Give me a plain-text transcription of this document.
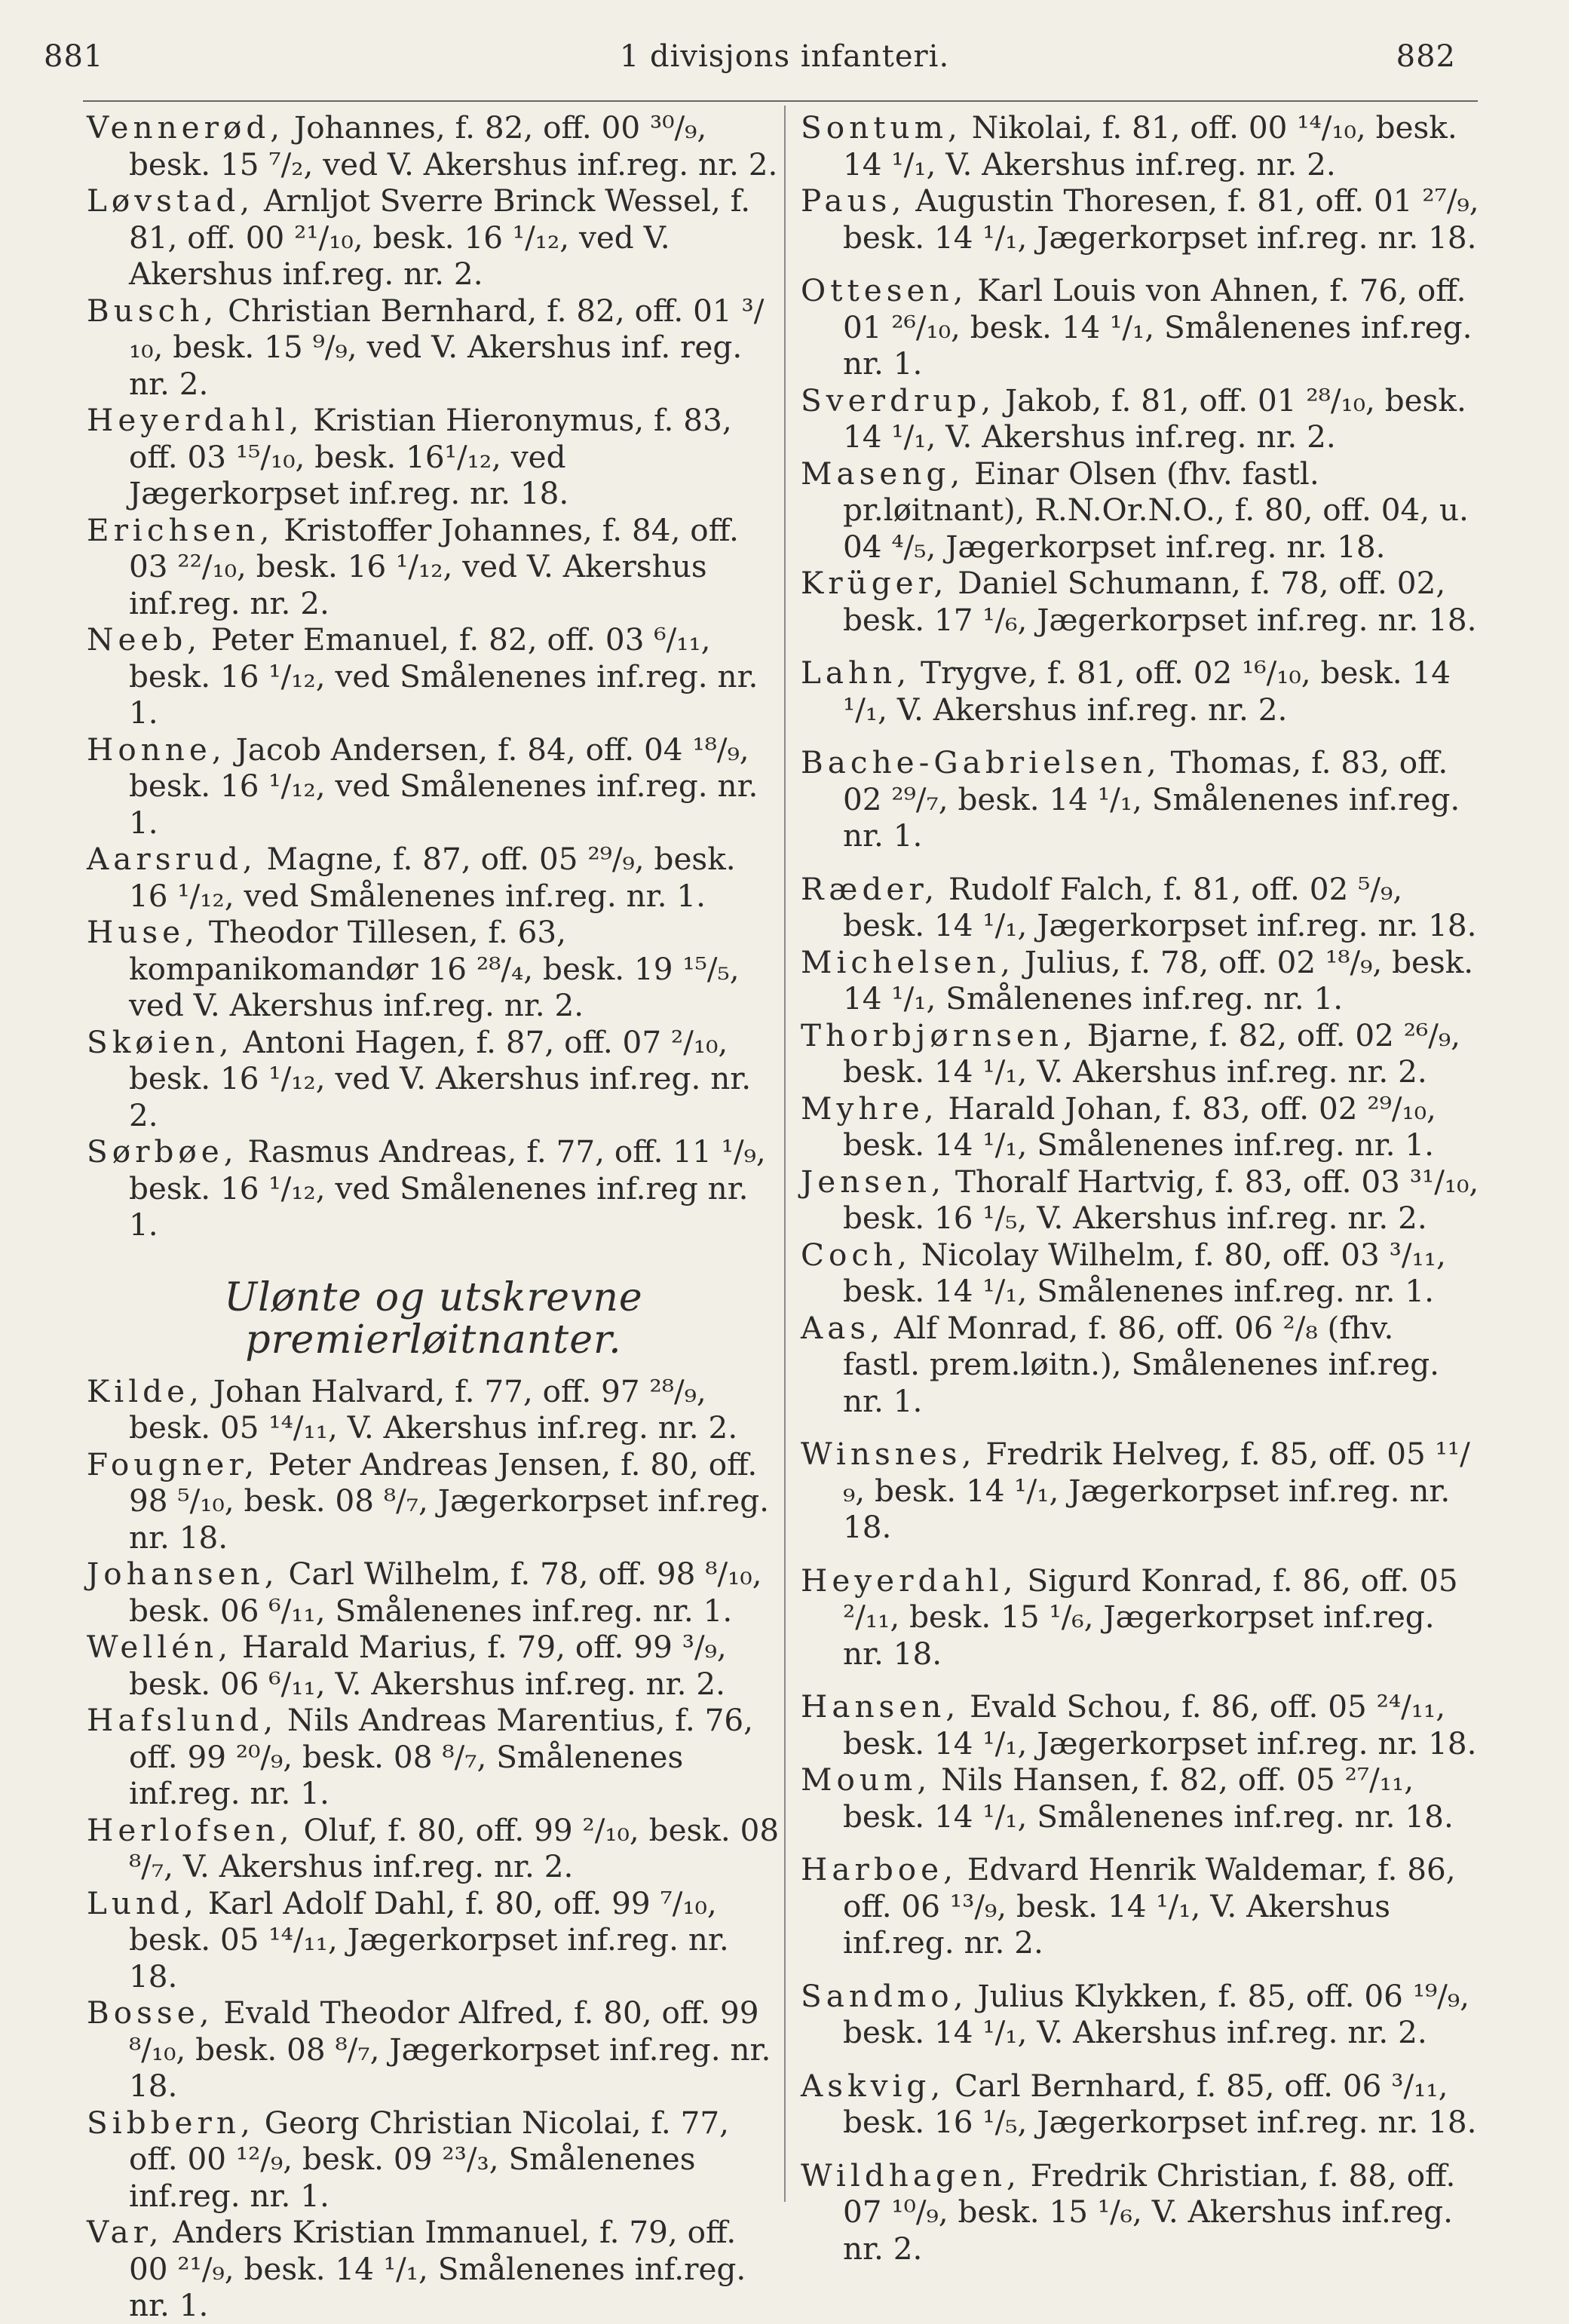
881	1 divisjons infanteri.	882

Vennerød, Johannes, f. 82, off. 00 ³⁰/₉, besk. 15 ⁷/₂, ved V. Akershus inf.reg. nr. 2.

Løvstad, Arnljot Sverre Brinck Wessel, f. 81, off. 00 ²¹/₁₀, besk. 16 ¹/₁₂, ved V. Akershus inf.reg. nr. 2.

Busch, Christian Bernhard, f. 82, off. 01 ³/₁₀, besk. 15 ⁹/₉, ved V. Akershus inf. reg. nr. 2.

Heyerdahl, Kristian Hieronymus, f. 83, off. 03 ¹⁵/₁₀, besk. 16¹/₁₂, ved Jægerkorpset inf.reg. nr. 18.

Erichsen, Kristoffer Johannes, f. 84, off. 03 ²²/₁₀, besk. 16 ¹/₁₂, ved V. Akershus inf.reg. nr. 2.

Neeb, Peter Emanuel, f. 82, off. 03 ⁶/₁₁, besk. 16 ¹/₁₂, ved Smålenenes inf.reg. nr. 1.

Honne, Jacob Andersen, f. 84, off. 04 ¹⁸/₉, besk. 16 ¹/₁₂, ved Smålenenes inf.reg. nr. 1.

Aarsrud, Magne, f. 87, off. 05 ²⁹/₉, besk. 16 ¹/₁₂, ved Smålenenes inf.reg. nr. 1.

Huse, Theodor Tillesen, f. 63, kompanikomandør 16 ²⁸/₄, besk. 19 ¹⁵/₅, ved V. Akershus inf.reg. nr. 2.

Skøien, Antoni Hagen, f. 87, off. 07 ²/₁₀, besk. 16 ¹/₁₂, ved V. Akershus inf.reg. nr. 2.

Sørbøe, Rasmus Andreas, f. 77, off. 11 ¹/₉, besk. 16 ¹/₁₂, ved Smålenenes inf.reg nr. 1.

Ulønte og utskrevne premierløitnanter.

Kilde, Johan Halvard, f. 77, off. 97 ²⁸/₉, besk. 05 ¹⁴/₁₁, V. Akershus inf.reg. nr. 2.

Fougner, Peter Andreas Jensen, f. 80, off. 98 ⁵/₁₀, besk. 08 ⁸/₇, Jægerkorpset inf.reg. nr. 18.

Johansen, Carl Wilhelm, f. 78, off. 98 ⁸/₁₀, besk. 06 ⁶/₁₁, Smålenenes inf.reg. nr. 1.

Wellén, Harald Marius, f. 79, off. 99 ³/₉, besk. 06 ⁶/₁₁, V. Akershus inf.reg. nr. 2.

Hafslund, Nils Andreas Marentius, f. 76, off. 99 ²⁰/₉, besk. 08 ⁸/₇, Smålenenes inf.reg. nr. 1.

Herlofsen, Oluf, f. 80, off. 99 ²/₁₀, besk. 08 ⁸/₇, V. Akershus inf.reg. nr. 2.

Lund, Karl Adolf Dahl, f. 80, off. 99 ⁷/₁₀, besk. 05 ¹⁴/₁₁, Jægerkorpset inf.reg. nr. 18.

Bosse, Evald Theodor Alfred, f. 80, off. 99 ⁸/₁₀, besk. 08 ⁸/₇, Jægerkorpset inf.reg. nr. 18.

Sibbern, Georg Christian Nicolai, f. 77, off. 00 ¹²/₉, besk. 09 ²³/₃, Smålenenes inf.reg. nr. 1.

Var, Anders Kristian Immanuel, f. 79, off. 00 ²¹/₉, besk. 14 ¹/₁, Smålenenes inf.reg. nr. 1.

Sontum, Nikolai, f. 81, off. 00 ¹⁴/₁₀, besk. 14 ¹/₁, V. Akershus inf.reg. nr. 2.

Paus, Augustin Thoresen, f. 81, off. 01 ²⁷/₉, besk. 14 ¹/₁, Jægerkorpset inf.reg. nr. 18.

Ottesen, Karl Louis von Ahnen, f. 76, off. 01 ²⁶/₁₀, besk. 14 ¹/₁, Smålenenes inf.reg. nr. 1.

Sverdrup, Jakob, f. 81, off. 01 ²⁸/₁₀, besk. 14 ¹/₁, V. Akershus inf.reg. nr. 2.

Maseng, Einar Olsen (fhv. fastl. pr.løitnant), R.N.Or.N.O., f. 80, off. 04, u. 04 ⁴/₅, Jægerkorpset inf.reg. nr. 18.

Krüger, Daniel Schumann, f. 78, off. 02, besk. 17 ¹/₆, Jægerkorpset inf.reg. nr. 18.

Lahn, Trygve, f. 81, off. 02 ¹⁶/₁₀, besk. 14 ¹/₁, V. Akershus inf.reg. nr. 2.

Bache-Gabrielsen, Thomas, f. 83, off. 02 ²⁹/₇, besk. 14 ¹/₁, Smålenenes inf.reg. nr. 1.

Ræder, Rudolf Falch, f. 81, off. 02 ⁵/₉, besk. 14 ¹/₁, Jægerkorpset inf.reg. nr. 18.

Michelsen, Julius, f. 78, off. 02 ¹⁸/₉, besk. 14 ¹/₁, Smålenenes inf.reg. nr. 1.

Thorbjørnsen, Bjarne, f. 82, off. 02 ²⁶/₉, besk. 14 ¹/₁, V. Akershus inf.reg. nr. 2.

Myhre, Harald Johan, f. 83, off. 02 ²⁹/₁₀, besk. 14 ¹/₁, Smålenenes inf.reg. nr. 1.

Jensen, Thoralf Hartvig, f. 83, off. 03 ³¹/₁₀, besk. 16 ¹/₅, V. Akershus inf.reg. nr. 2.

Coch, Nicolay Wilhelm, f. 80, off. 03 ³/₁₁, besk. 14 ¹/₁, Smålenenes inf.reg. nr. 1.

Aas, Alf Monrad, f. 86, off. 06 ²/₈ (fhv. fastl. prem.løitn.), Smålenenes inf.reg. nr. 1.

Winsnes, Fredrik Helveg, f. 85, off. 05 ¹¹/₉, besk. 14 ¹/₁, Jægerkorpset inf.reg. nr. 18.

Heyerdahl, Sigurd Konrad, f. 86, off. 05 ²/₁₁, besk. 15 ¹/₆, Jægerkorpset inf.reg. nr. 18.

Hansen, Evald Schou, f. 86, off. 05 ²⁴/₁₁, besk. 14 ¹/₁, Jægerkorpset inf.reg. nr. 18.

Moum, Nils Hansen, f. 82, off. 05 ²⁷/₁₁, besk. 14 ¹/₁, Smålenenes inf.reg. nr. 18.

Harboe, Edvard Henrik Waldemar, f. 86, off. 06 ¹³/₉, besk. 14 ¹/₁, V. Akershus inf.reg. nr. 2.

Sandmo, Julius Klykken, f. 85, off. 06 ¹⁹/₉, besk. 14 ¹/₁, V. Akershus inf.reg. nr. 2.

Askvig, Carl Bernhard, f. 85, off. 06 ³/₁₁, besk. 16 ¹/₅, Jægerkorpset inf.reg. nr. 18.

Wildhagen, Fredrik Christian, f. 88, off. 07 ¹⁰/₉, besk. 15 ¹/₆, V. Akershus inf.reg. nr. 2.
